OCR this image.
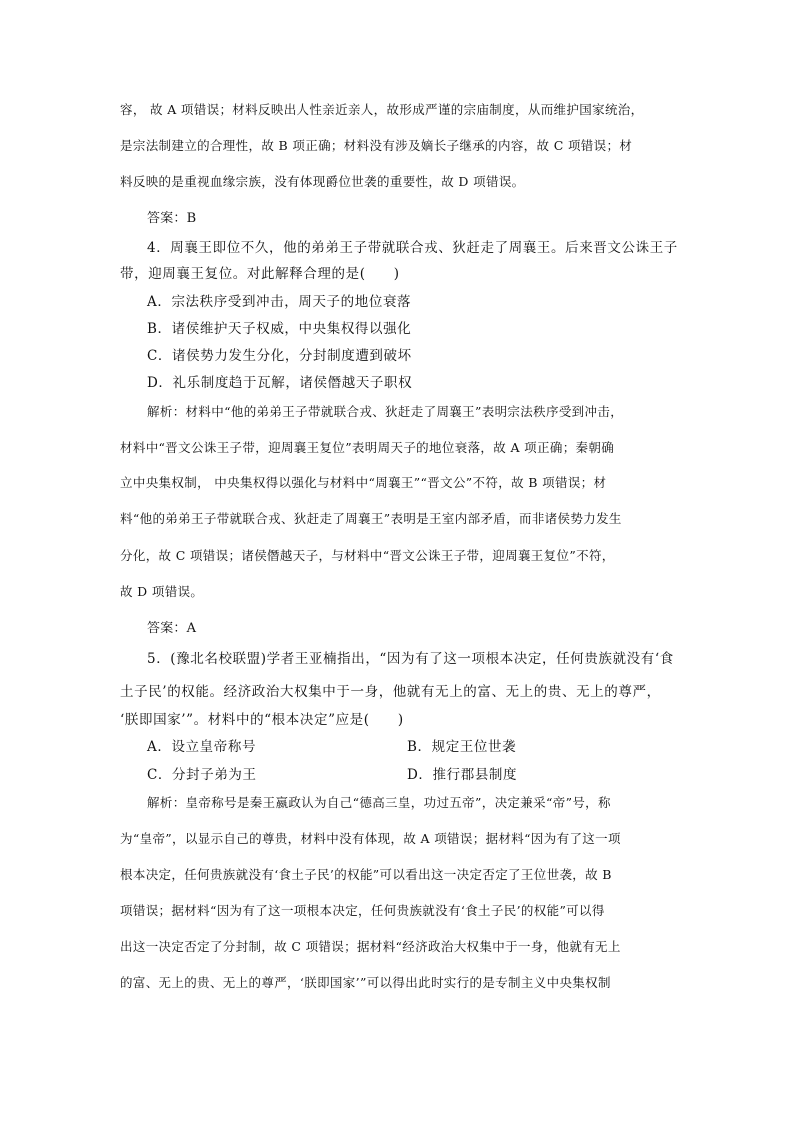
容， 故 A 项错误；材料反映出人性亲近亲人，故形成严谨的宗庙制度，从而维护国家统治，
是宗法制建立的合理性，故 B 项正确；材料没有涉及嫡长子继承的内容，故 C 项错误；材
料反映的是重视血缘宗族，没有体现爵位世袭的重要性，故 D 项错误。
答案：B
4．周襄王即位不久，他的弟弟王子带就联合戎、狄赶走了周襄王。后来晋文公诛王子
带，迎周襄王复位。对此解释合理的是(　　)
A．宗法秩序受到冲击，周天子的地位衰落
B．诸侯维护天子权威，中央集权得以强化
C．诸侯势力发生分化，分封制度遭到破坏
D．礼乐制度趋于瓦解，诸侯僭越天子职权
解析：材料中“他的弟弟王子带就联合戎、狄赶走了周襄王”表明宗法秩序受到冲击，
材料中“晋文公诛王子带，迎周襄王复位”表明周天子的地位衰落，故 A 项正确；秦朝确
立中央集权制， 中央集权得以强化与材料中“周襄王”“晋文公”不符，故 B 项错误；材
料“他的弟弟王子带就联合戎、狄赶走了周襄王”表明是王室内部矛盾，而非诸侯势力发生
分化，故 C 项错误；诸侯僭越天子，与材料中“晋文公诛王子带，迎周襄王复位”不符，
故 D 项错误。
答案：A
5．(豫北名校联盟)学者王亚楠指出，“因为有了这一项根本决定，任何贵族就没有‘食
土子民’的权能。经济政治大权集中于一身，他就有无上的富、无上的贵、无上的尊严，
‘朕即国家’”。材料中的“根本决定”应是(　　)
A．设立皇帝称号	B．规定王位世袭
C．分封子弟为王	D．推行郡县制度
解析：皇帝称号是秦王嬴政认为自己“德高三皇，功过五帝”，决定兼采“帝”号，称
为“皇帝”，以显示自己的尊贵，材料中没有体现，故 A 项错误；据材料“因为有了这一项
根本决定，任何贵族就没有‘食土子民’的权能”可以看出这一决定否定了王位世袭，故 B
项错误；据材料“因为有了这一项根本决定，任何贵族就没有‘食土子民’的权能”可以得
出这一决定否定了分封制，故 C 项错误；据材料“经济政治大权集中于一身，他就有无上
的富、无上的贵、无上的尊严，‘朕即国家’”可以得出此时实行的是专制主义中央集权制
